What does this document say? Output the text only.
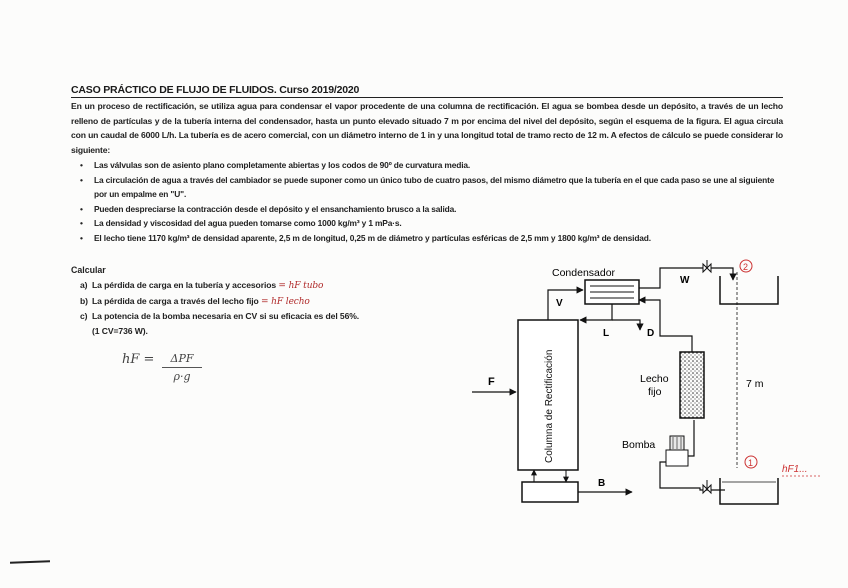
CASO PRÁCTICO DE FLUJO DE FLUIDOS. Curso 2019/2020
En un proceso de rectificación, se utiliza agua para condensar el vapor procedente de una columna de rectificación. El agua se bombea desde un depósito, a través de un lecho relleno de partículas y de la tubería interna del condensador, hasta un punto elevado situado 7 m por encima del nivel del depósito, según el esquema de la figura. El agua circula con un caudal de 6000 L/h. La tubería es de acero comercial, con un diámetro interno de 1 in y una longitud total de tramo recto de 12 m. A efectos de cálculo se puede considerar lo siguiente:
• Las válvulas son de asiento plano completamente abiertas y los codos de 90º de curvatura media.
• La circulación de agua a través del cambiador se puede suponer como un único tubo de cuatro pasos, del mismo diámetro que la tubería en el que cada paso se une al siguiente por un empalme en "U".
• Pueden despreciarse la contracción desde el depósito y el ensanchamiento brusco a la salida.
• La densidad y viscosidad del agua pueden tomarse como 1000 kg/m³ y 1 mPa·s.
• El lecho tiene 1170 kg/m³ de densidad aparente, 2,5 m de longitud, 0,25 m de diámetro y partículas esféricas de 2,5 mm y 1800 kg/m³ de densidad.
Calcular
a) La pérdida de carga en la tubería y accesorios = hF tubo
b) La pérdida de carga a través del lecho fijo = hF lecho
c) La potencia de la bomba necesaria en CV si su eficacia es del 56%.
(1 CV=736 W).
hF =	ΔPF
ρ·g	Columna de Rectificación
F
B
V
Condensador
L	D
W
2
7 m
1
hF1...
Bomba
Lecho
fijo
